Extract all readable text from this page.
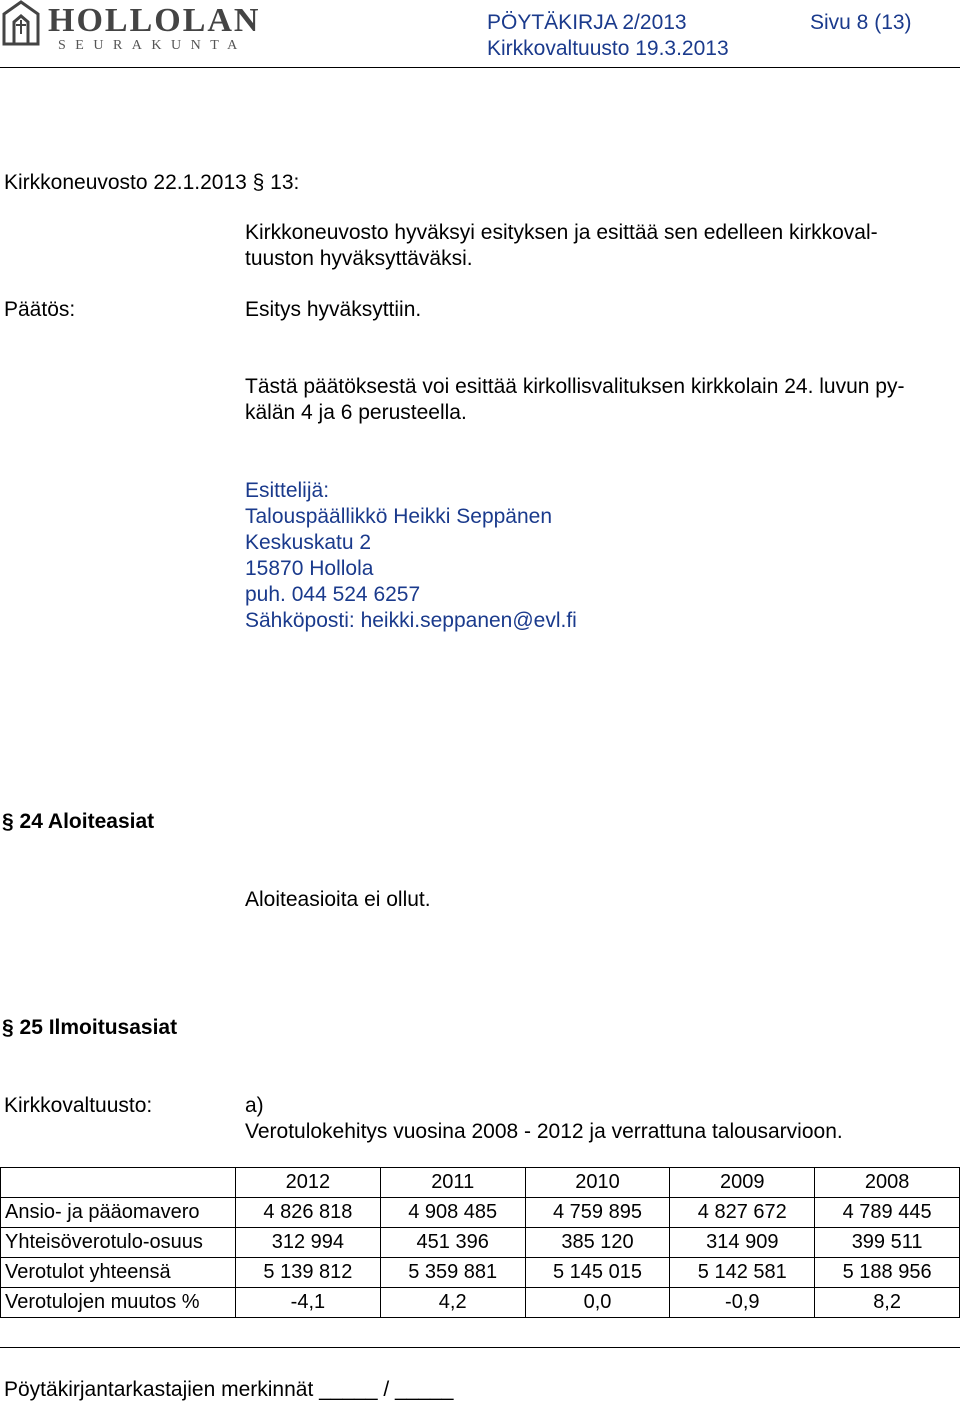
HOLLOLAN
SEURAKUNTA
PÖYTÄKIRJA 2/2013	Sivu 8 (13)
Kirkkovaltuusto 19.3.2013
Kirkkoneuvosto 22.1.2013 § 13:
Kirkkoneuvosto hyväksyi esityksen ja esittää sen edelleen kirkkoval-
tuuston hyväksyttäväksi.
Päätös:	Esitys hyväksyttiin.
Tästä päätöksestä voi esittää kirkollisvalituksen kirkkolain 24. luvun py-
kälän 4 ja 6 perusteella.
Esittelijä:
Talouspäällikkö Heikki Seppänen
Keskuskatu 2
15870 Hollola
puh. 044 524 6257
Sähköposti: heikki.seppanen@evl.fi
§ 24 Aloiteasiat
Aloiteasioita ei ollut.
§ 25 Ilmoitusasiat
Kirkkovaltuusto:	a)
Verotulokehitys vuosina 2008 - 2012 ja verrattuna talousarvioon.
	2012	2011	2010	2009	2008
Ansio- ja pääomavero	4 826 818	4 908 485	4 759 895	4 827 672	4 789 445
Yhteisöverotulo-osuus	312 994	451 396	385 120	314 909	399 511
Verotulot yhteensä	5 139 812	5 359 881	5 145 015	5 142 581	5 188 956
Verotulojen muutos %	-4,1	4,2	0,0	-0,9	8,2
Pöytäkirjantarkastajien merkinnät _____ / _____
